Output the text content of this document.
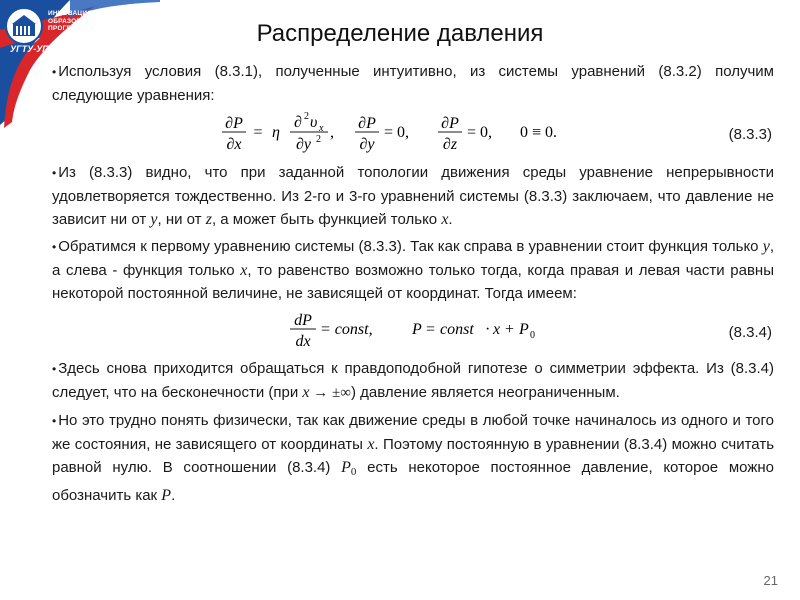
ИННОВАЦИОННАЯ
ОБРАЗОВАТЕЛЬНАЯ
ПРОГРАММА
УГТУ-УПИ
Распределение давления

• Используя условия (8.3.1), полученные интуитивно, из системы уравнений (8.3.2) получим следующие уравнения:

∂P
∂x
= η
∂ 2 υ x
∂y 2 ,
∂P
∂y
= 0,
∂P
∂z
= 0, 0 ≡ 0.	(8.3.3)

• Из (8.3.3) видно, что при заданной топологии движения среды уравнение непрерывности удовлетворяется тождественно. Из 2-го и 3-го уравнений системы (8.3.3) заключаем, что давление не зависит ни от y, ни от z, а может быть функцией только x.

• Обратимся к первому уравнению системы (8.3.3). Так как справа в уравнении стоит функция только y, а слева - функция только x, то равенство возможно только тогда, когда правая и левая части равны некоторой постоянной величине, не зависящей от координат. Тогда имеем:

dP
dx
= const, P = const · x + P 0	(8.3.4)

• Здесь снова приходится обращаться к правдоподобной гипотезе о симметрии эффекта. Из (8.3.4) следует, что на бесконечности (при x → ±∞) давление является неограниченным.

• Но это трудно понять физически, так как движение среды в любой точке начиналось из одного и того же состояния, не зависящего от координаты x. Поэтому постоянную в уравнении (8.3.4) можно считать равной нулю. В соотношении (8.3.4) $P_0$ есть некоторое постоянное давление, которое можно обозначить как P.

21
